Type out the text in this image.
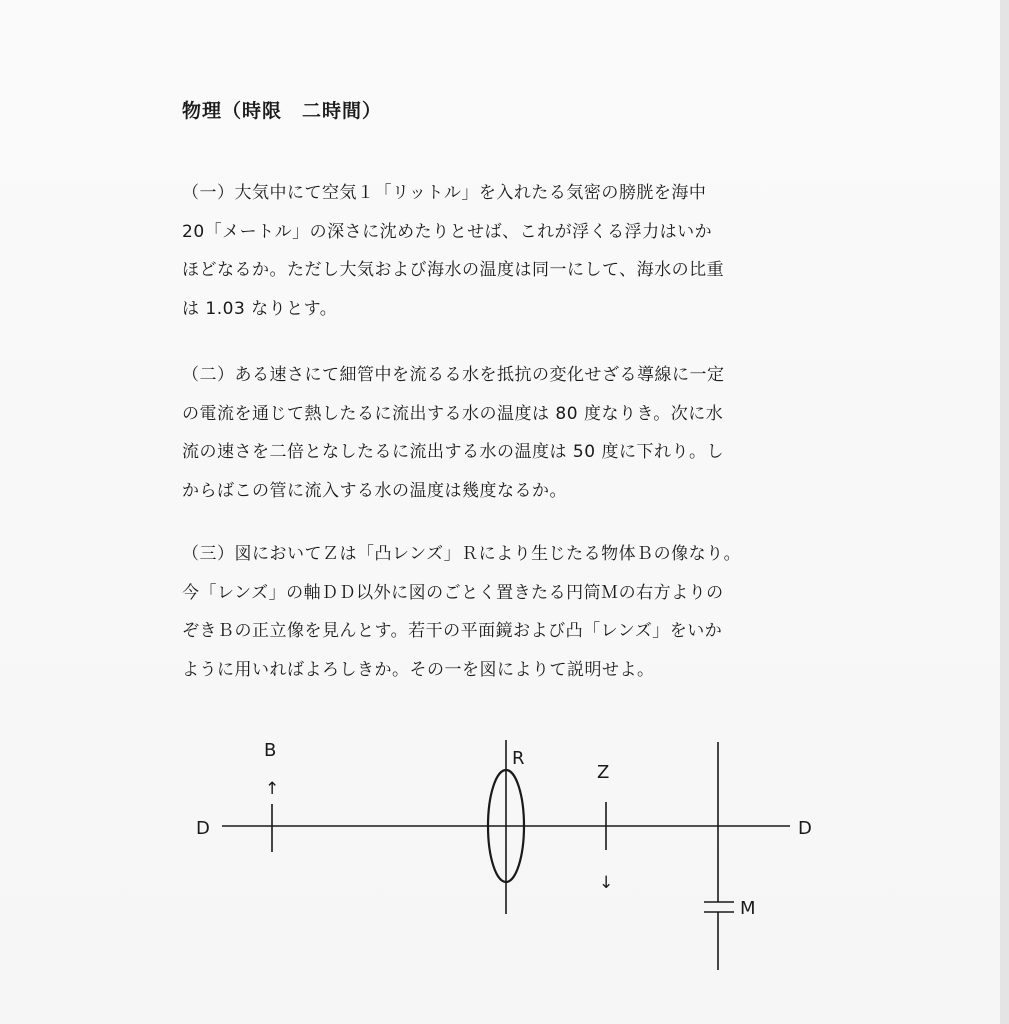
物理（時限　二時間）
（一）大気中にて空気１「リットル」を入れたる気密の膀胱を海中
20「メートル」の深さに沈めたりとせば、これが浮くる浮力はいか
ほどなるか。ただし大気および海水の温度は同一にして、海水の比重
は 1.03 なりとす。
（二）ある速さにて細管中を流るる水を抵抗の変化せざる導線に一定
の電流を通じて熱したるに流出する水の温度は 80 度なりき。次に水
流の速さを二倍となしたるに流出する水の温度は 50 度に下れり。し
からばこの管に流入する水の温度は幾度なるか。
（三）図においてＺは「凸レンズ」Ｒにより生じたる物体Ｂの像なり。
今「レンズ」の軸ＤＤ以外に図のごとく置きたる円筒Ｍの右方よりの
ぞきＢの正立像を見んとす。若干の平面鏡および凸「レンズ」をいか
ように用いればよろしきか。その一を図によりて説明せよ。
D	D
B
↑
R
Z
↓
M
